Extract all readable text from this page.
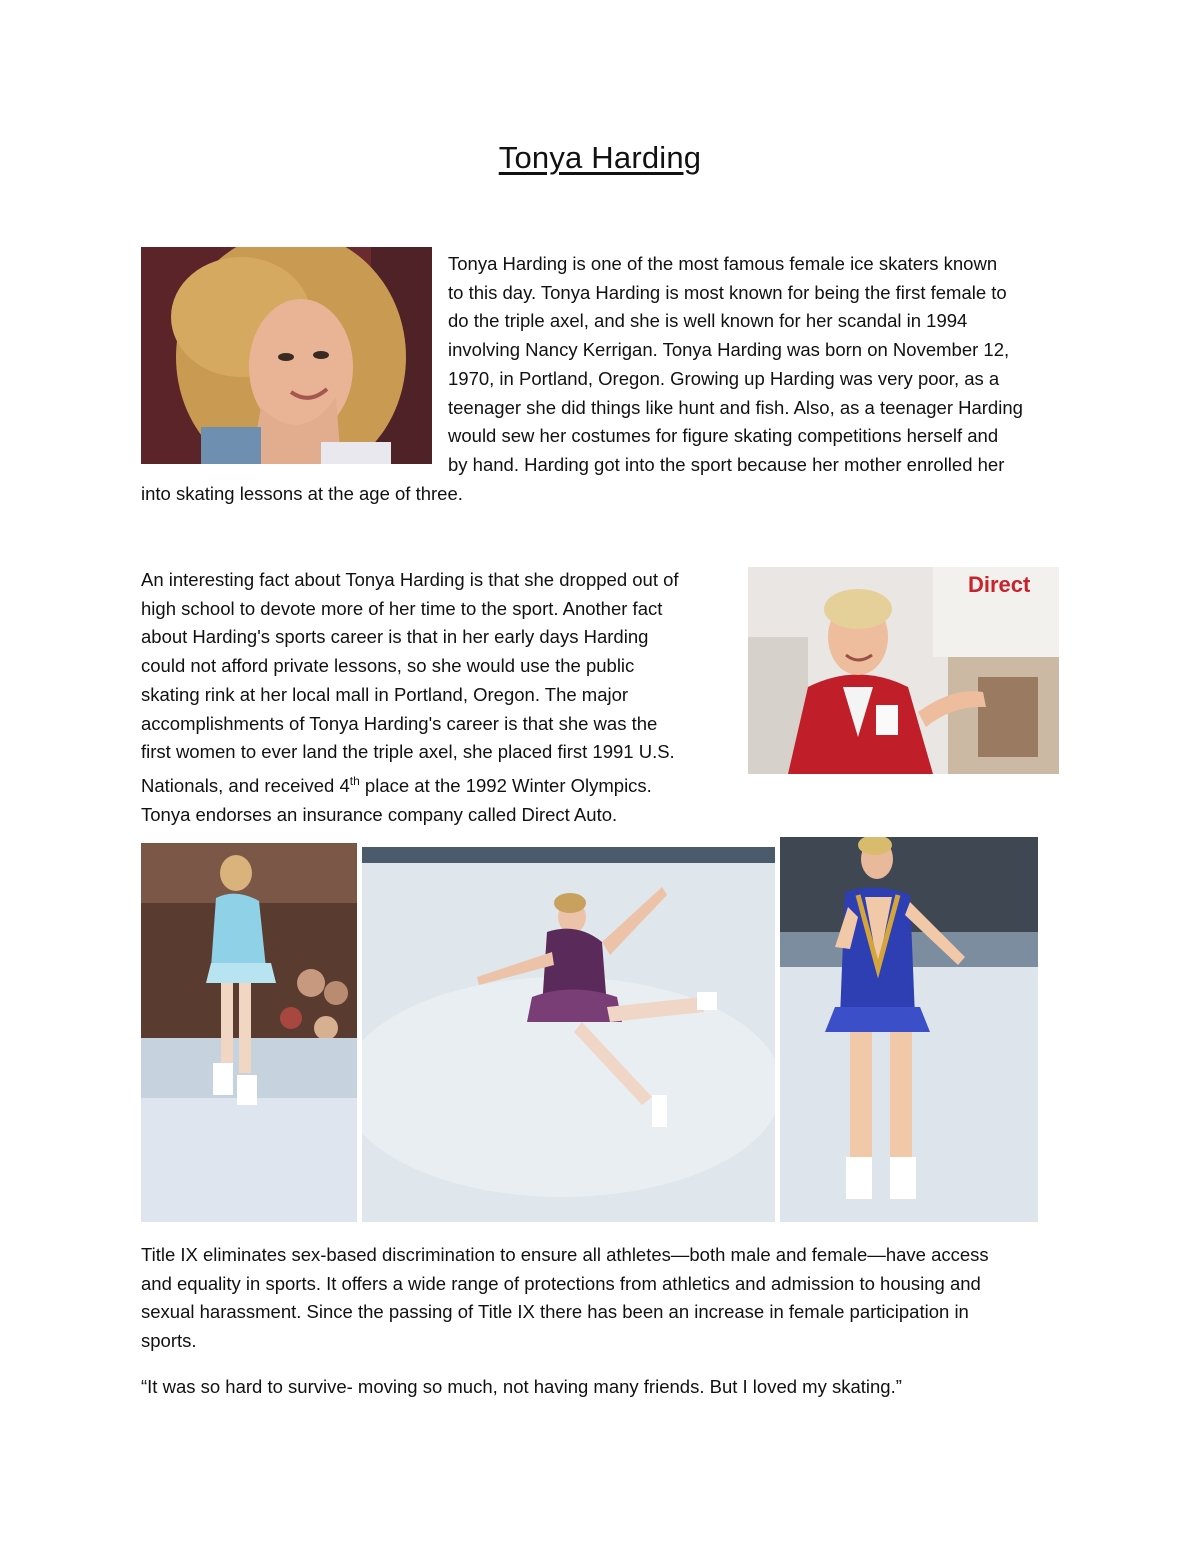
Tonya Harding
Tonya Harding is one of the most famous female ice skaters known
to this day. Tonya Harding is most known for being the first female to
do the triple axel, and she is well known for her scandal in 1994
involving Nancy Kerrigan. Tonya Harding was born on November 12,
1970, in Portland, Oregon. Growing up Harding was very poor, as a
teenager she did things like hunt and fish. Also, as a teenager Harding
would sew her costumes for figure skating competitions herself and
by hand. Harding got into the sport because her mother enrolled her
into skating lessons at the age of three.
An interesting fact about Tonya Harding is that she dropped out of
high school to devote more of her time to the sport. Another fact
about Harding's sports career is that in her early days Harding
could not afford private lessons, so she would use the public
skating rink at her local mall in Portland, Oregon. The major
accomplishments of Tonya Harding's career is that she was the
first women to ever land the triple axel, she placed first 1991 U.S.
Nationals, and received 4th place at the 1992 Winter Olympics.
Tonya endorses an insurance company called Direct Auto.
Direct
Title IX eliminates sex-based discrimination to ensure all athletes—both male and female—have access
and equality in sports. It offers a wide range of protections from athletics and admission to housing and
sexual harassment. Since the passing of Title IX there has been an increase in female participation in
sports.
“It was so hard to survive- moving so much, not having many friends. But I loved my skating.”
